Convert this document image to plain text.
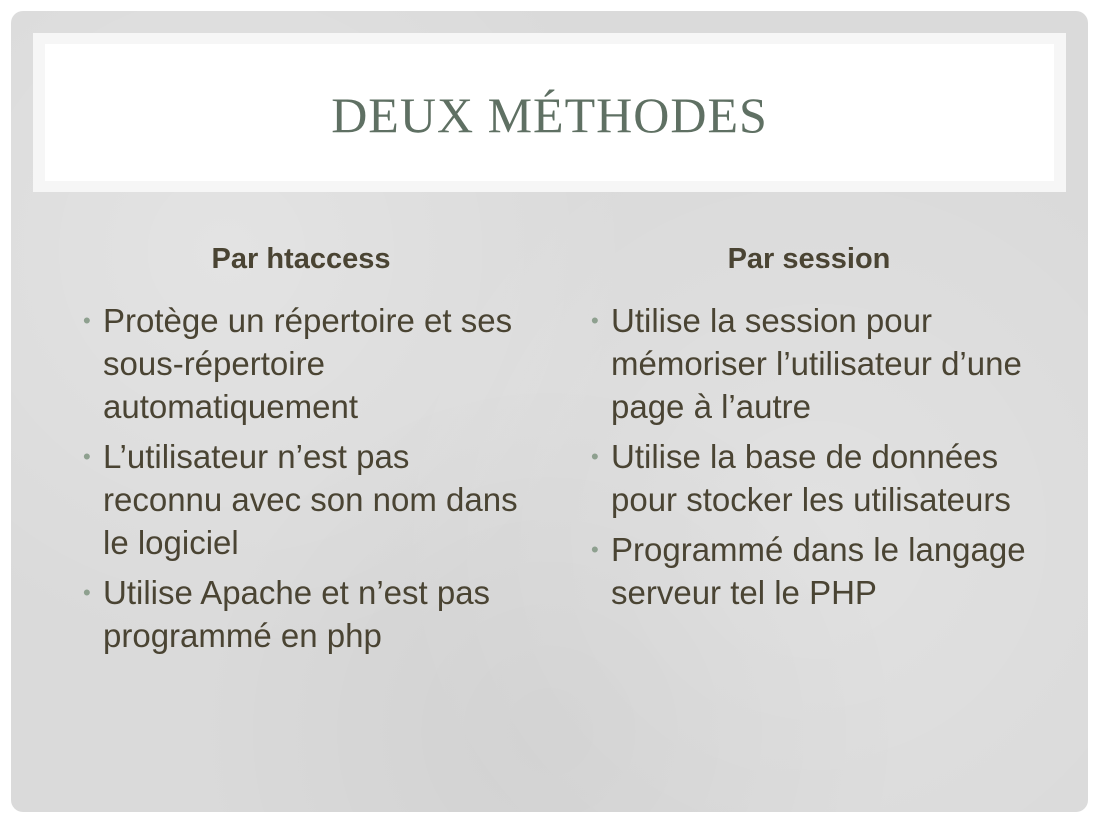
DEUX MÉTHODES
Par htaccess
• Protège un répertoire et ses sous-répertoire automatiquement
• L’utilisateur n’est pas reconnu avec son nom dans le logiciel
• Utilise Apache et n’est pas programmé en php
Par session
• Utilise la session pour mémoriser l’utilisateur d’une page à l’autre
• Utilise la base de données pour stocker les utilisateurs
• Programmé dans le langage serveur tel le PHP
